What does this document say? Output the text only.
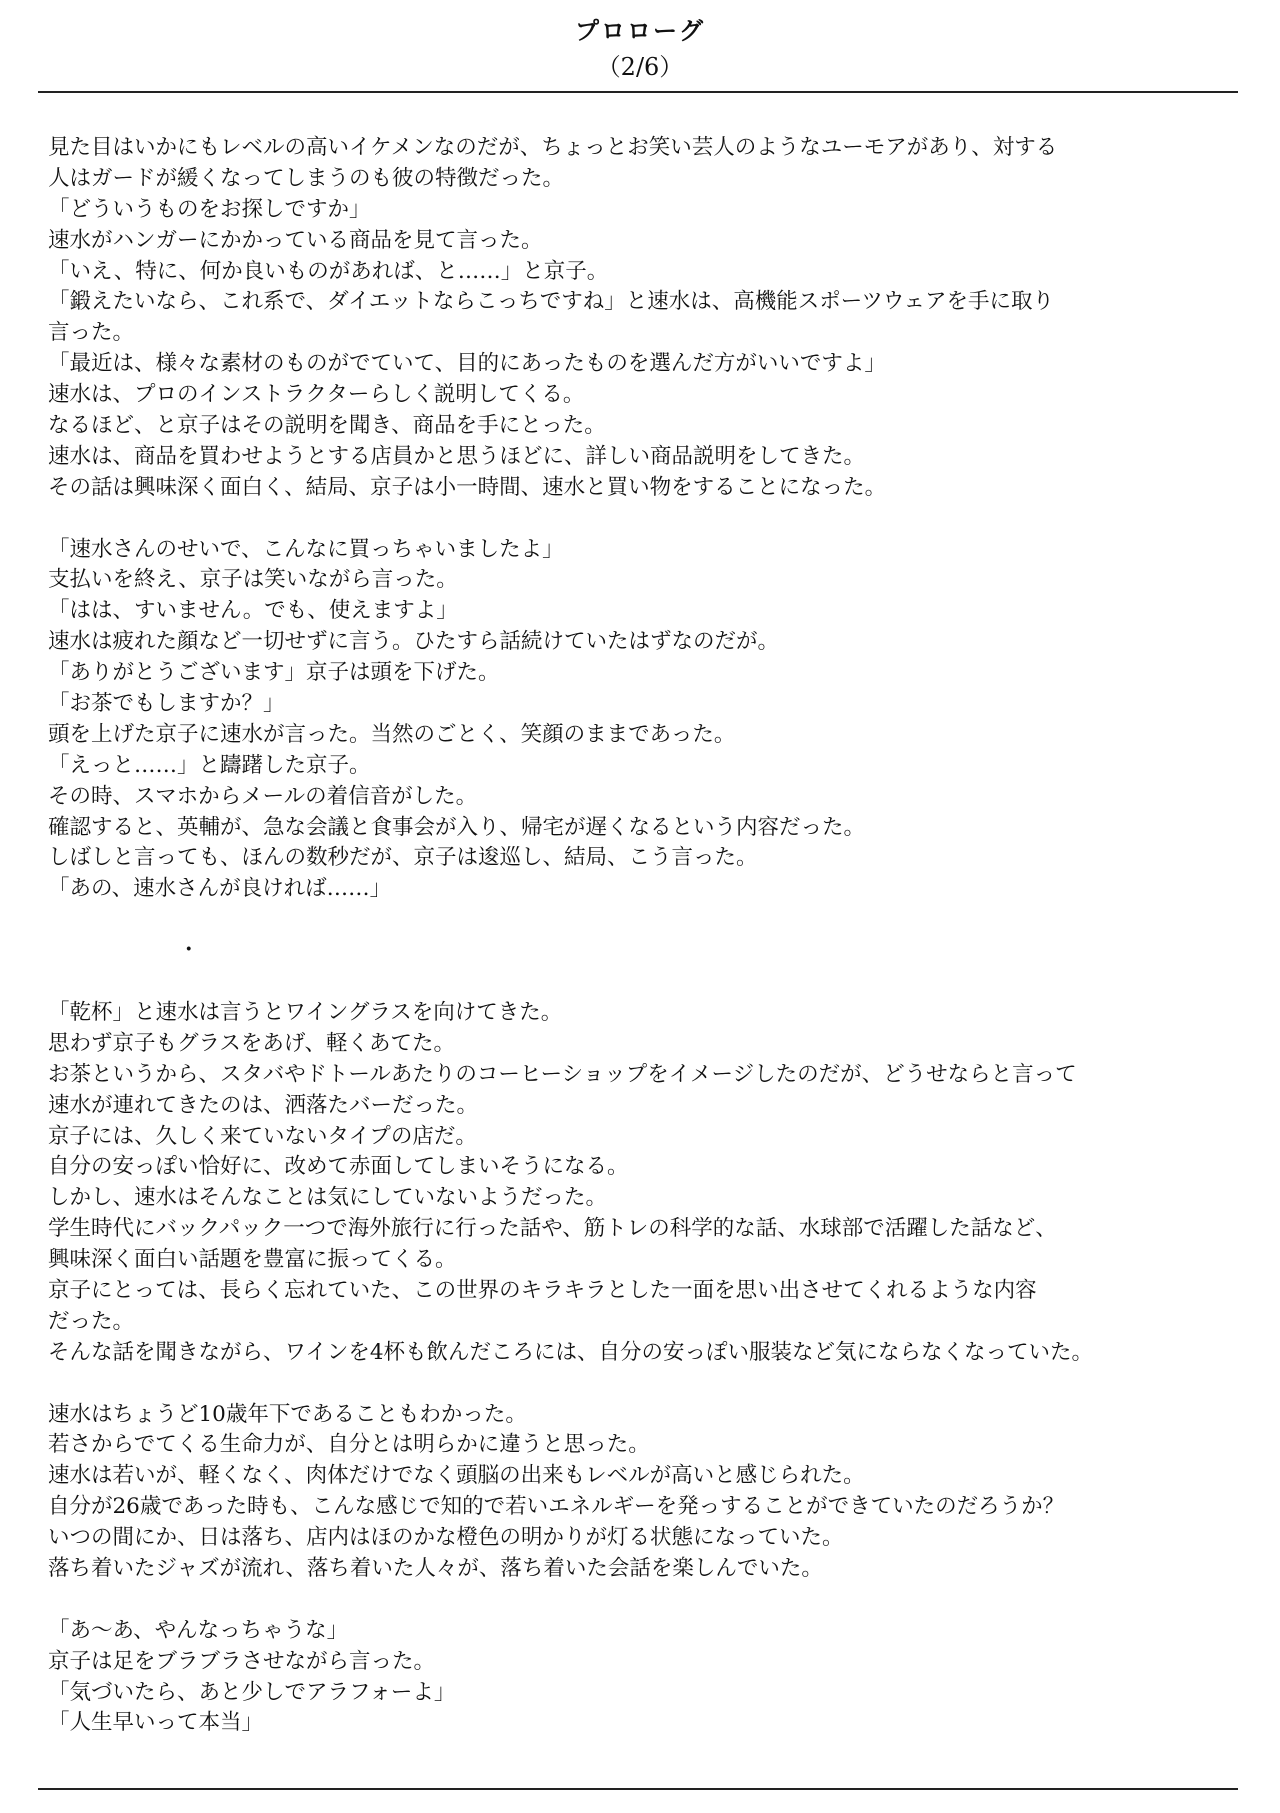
プロローグ
（2/6）
見た目はいかにもレベルの高いイケメンなのだが、ちょっとお笑い芸人のようなユーモアがあり、対する
人はガードが緩くなってしまうのも彼の特徴だった。
「どういうものをお探しですか」
速水がハンガーにかかっている商品を見て言った。
「いえ、特に、何か良いものがあれば、と……」と京子。
「鍛えたいなら、これ系で、ダイエットならこっちですね」と速水は、高機能スポーツウェアを手に取り
言った。
「最近は、様々な素材のものがでていて、目的にあったものを選んだ方がいいですよ」
速水は、プロのインストラクターらしく説明してくる。
なるほど、と京子はその説明を聞き、商品を手にとった。
速水は、商品を買わせようとする店員かと思うほどに、詳しい商品説明をしてきた。
その話は興味深く面白く、結局、京子は小一時間、速水と買い物をすることになった。
「速水さんのせいで、こんなに買っちゃいましたよ」
支払いを終え、京子は笑いながら言った。
「はは、すいません。でも、使えますよ」
速水は疲れた顔など一切せずに言う。ひたすら話続けていたはずなのだが。
「ありがとうございます」京子は頭を下げた。
「お茶でもしますか？」
頭を上げた京子に速水が言った。当然のごとく、笑顔のままであった。
「えっと……」と躊躇した京子。
その時、スマホからメールの着信音がした。
確認すると、英輔が、急な会議と食事会が入り、帰宅が遅くなるという内容だった。
しばしと言っても、ほんの数秒だが、京子は逡巡し、結局、こう言った。
「あの、速水さんが良ければ……」
・
「乾杯」と速水は言うとワイングラスを向けてきた。
思わず京子もグラスをあげ、軽くあてた。
お茶というから、スタバやドトールあたりのコーヒーショップをイメージしたのだが、どうせならと言って
速水が連れてきたのは、洒落たバーだった。
京子には、久しく来ていないタイプの店だ。
自分の安っぽい恰好に、改めて赤面してしまいそうになる。
しかし、速水はそんなことは気にしていないようだった。
学生時代にバックパック一つで海外旅行に行った話や、筋トレの科学的な話、水球部で活躍した話など、
興味深く面白い話題を豊富に振ってくる。
京子にとっては、長らく忘れていた、この世界のキラキラとした一面を思い出させてくれるような内容
だった。
そんな話を聞きながら、ワインを4杯も飲んだころには、自分の安っぽい服装など気にならなくなっていた。
速水はちょうど10歳年下であることもわかった。
若さからでてくる生命力が、自分とは明らかに違うと思った。
速水は若いが、軽くなく、肉体だけでなく頭脳の出来もレベルが高いと感じられた。
自分が26歳であった時も、こんな感じで知的で若いエネルギーを発っすることができていたのだろうか？
いつの間にか、日は落ち、店内はほのかな橙色の明かりが灯る状態になっていた。
落ち着いたジャズが流れ、落ち着いた人々が、落ち着いた会話を楽しんでいた。
「あ～あ、やんなっちゃうな」
京子は足をブラブラさせながら言った。
「気づいたら、あと少しでアラフォーよ」
「人生早いって本当」
